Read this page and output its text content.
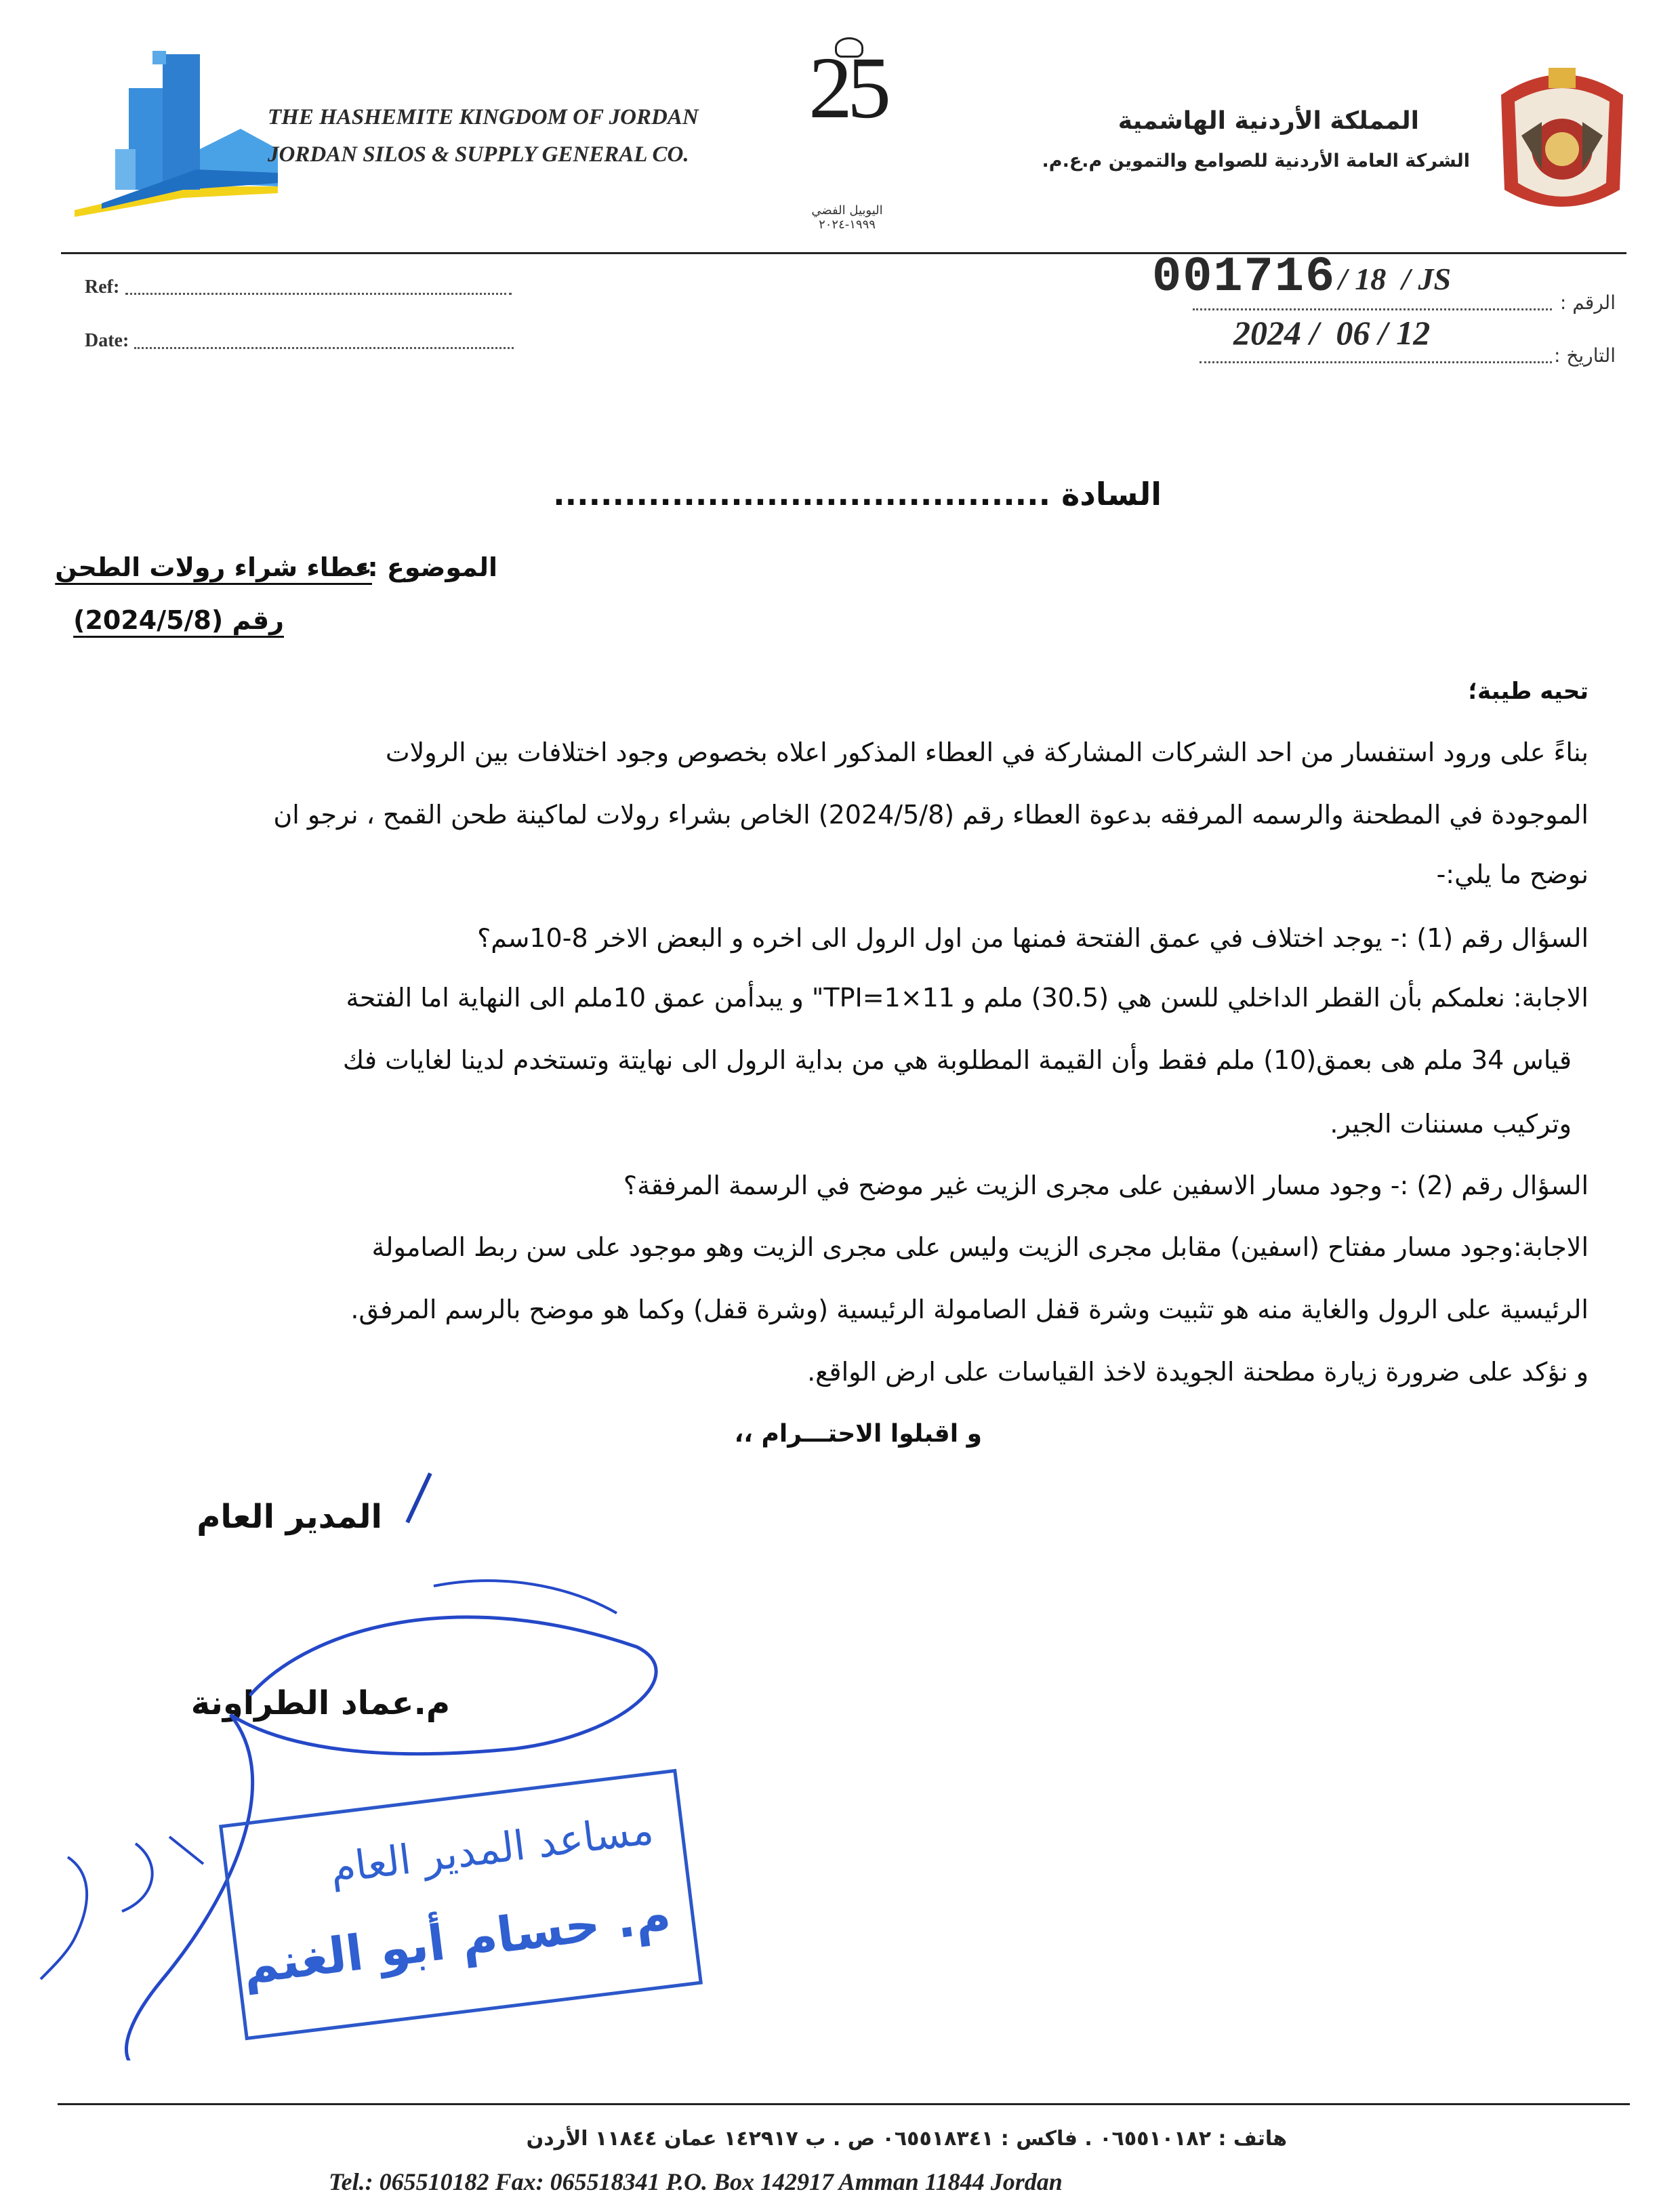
THE HASHEMITE KINGDOM OF JORDAN
JORDAN SILOS & SUPPLY GENERAL CO.
25
اليوبيل الفضي ١٩٩٩-٢٠٢٤
المملكة الأردنية الهاشمية
الشركة العامة الأردنية للصوامع والتموين م.ع.م.
Ref:
Date:
001716 / 18  / JS
الرقم :
2024 /  06 / 12
التاريخ :
السادة ..........................................
الموضوع :-
عطاء شراء رولات الطحن
رقم (2024/5/8)
تحيه طيبة؛
بناءً على ورود استفسار من احد الشركات المشاركة في العطاء المذكور اعلاه بخصوص وجود اختلافات بين الرولات
الموجودة في المطحنة والرسمه المرفقه بدعوة العطاء رقم (2024/5/8) الخاص بشراء رولات لماكينة طحن القمح ، نرجو ان
نوضح ما يلي:-
السؤال رقم (1) :- يوجد اختلاف في عمق الفتحة فمنها من اول الرول الى اخره و البعض الاخر 8-10سم؟
الاجابة: نعلمكم بأن القطر الداخلي للسن هي (30.5) ملم و TPI=1×11" و يبدأمن عمق 10ملم الى النهاية اما الفتحة
قياس 34 ملم هى بعمق(10) ملم فقط وأن القيمة المطلوبة هي من بداية الرول الى نهايتة وتستخدم لدينا لغايات فك
وتركيب مسننات الجير.
السؤال رقم (2) :- وجود مسار الاسفين على مجرى الزيت غير موضح في الرسمة المرفقة؟
الاجابة:وجود مسار مفتاح (اسفين) مقابل مجرى الزيت وليس على مجرى الزيت وهو موجود على سن ربط الصامولة
الرئيسية على الرول والغاية منه هو تثبيت وشرة قفل الصامولة الرئيسية (وشرة قفل) وكما هو موضح بالرسم المرفق.
و نؤكد على ضرورة زيارة مطحنة الجويدة لاخذ القياسات على ارض الواقع.
و اقبلوا الاحتـــرام ،،
المدير العام
م.عماد الطراونة
مساعد المدير العام
م. حسام أبو الغنم
هاتف : ٠٦٥٥١٠١٨٢ . فاكس : ٠٦٥٥١٨٣٤١ ص . ب ١٤٢٩١٧ عمان ١١٨٤٤ الأردن
Tel.: 065510182 Fax: 065518341 P.O. Box 142917 Amman 11844 Jordan
